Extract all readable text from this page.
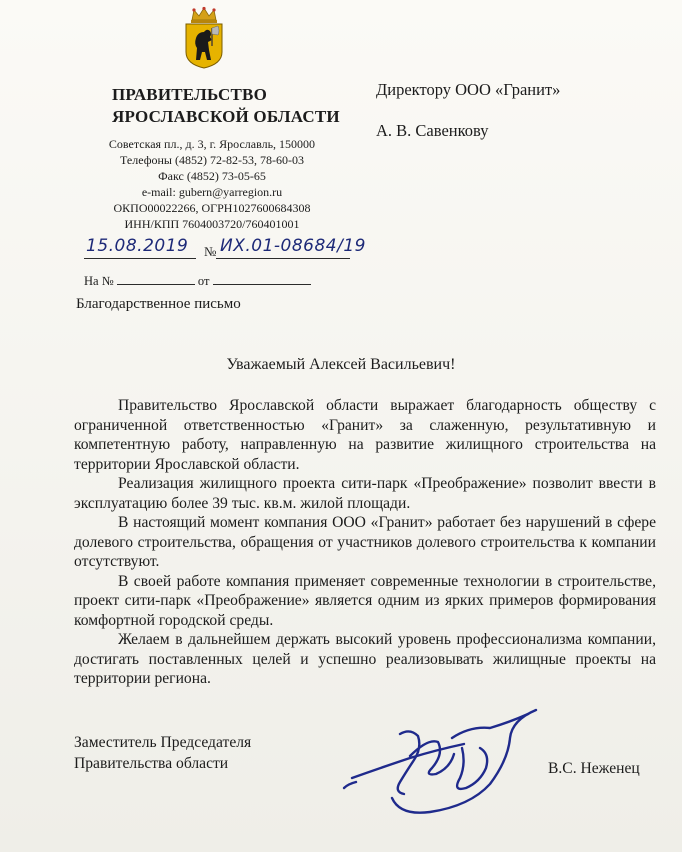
ПРАВИТЕЛЬСТВО
ЯРОСЛАВСКОЙ ОБЛАСТИ
Советская пл., д. 3, г. Ярославль, 150000
Телефоны (4852) 72-82-53, 78-60-03
Факс (4852) 73-05-65
e-mail: gubern@yarregion.ru
ОКПО00022266, ОГРН1027600684308
ИНН/КПП 7604003720/760401001
15.08.2019 № ИХ.01-08684/19
На №	от
Благодарственное письмо
Директору ООО «Гранит»
А. В. Савенкову
Уважаемый Алексей Васильевич!

Правительство Ярославской области выражает благодарность обществу с ограниченной ответственностью «Гранит» за слаженную, результативную и компетентную работу, направленную на развитие жилищного строительства на территории Ярославской области.

Реализация жилищного проекта сити-парк «Преображение» позволит ввести в эксплуатацию более 39 тыс. кв.м. жилой площади.

В настоящий момент компания ООО «Гранит» работает без нарушений в сфере долевого строительства, обращения от участников долевого строительства к компании отсутствуют.

В своей работе компания применяет современные технологии в строительстве, проект сити-парк «Преображение» является одним из ярких примеров формирования комфортной городской среды.

Желаем в дальнейшем держать высокий уровень профессионализма компании, достигать поставленных целей и успешно реализовывать жилищные проекты на территории региона.

Заместитель Председателя
Правительства области	В.С. Неженец
